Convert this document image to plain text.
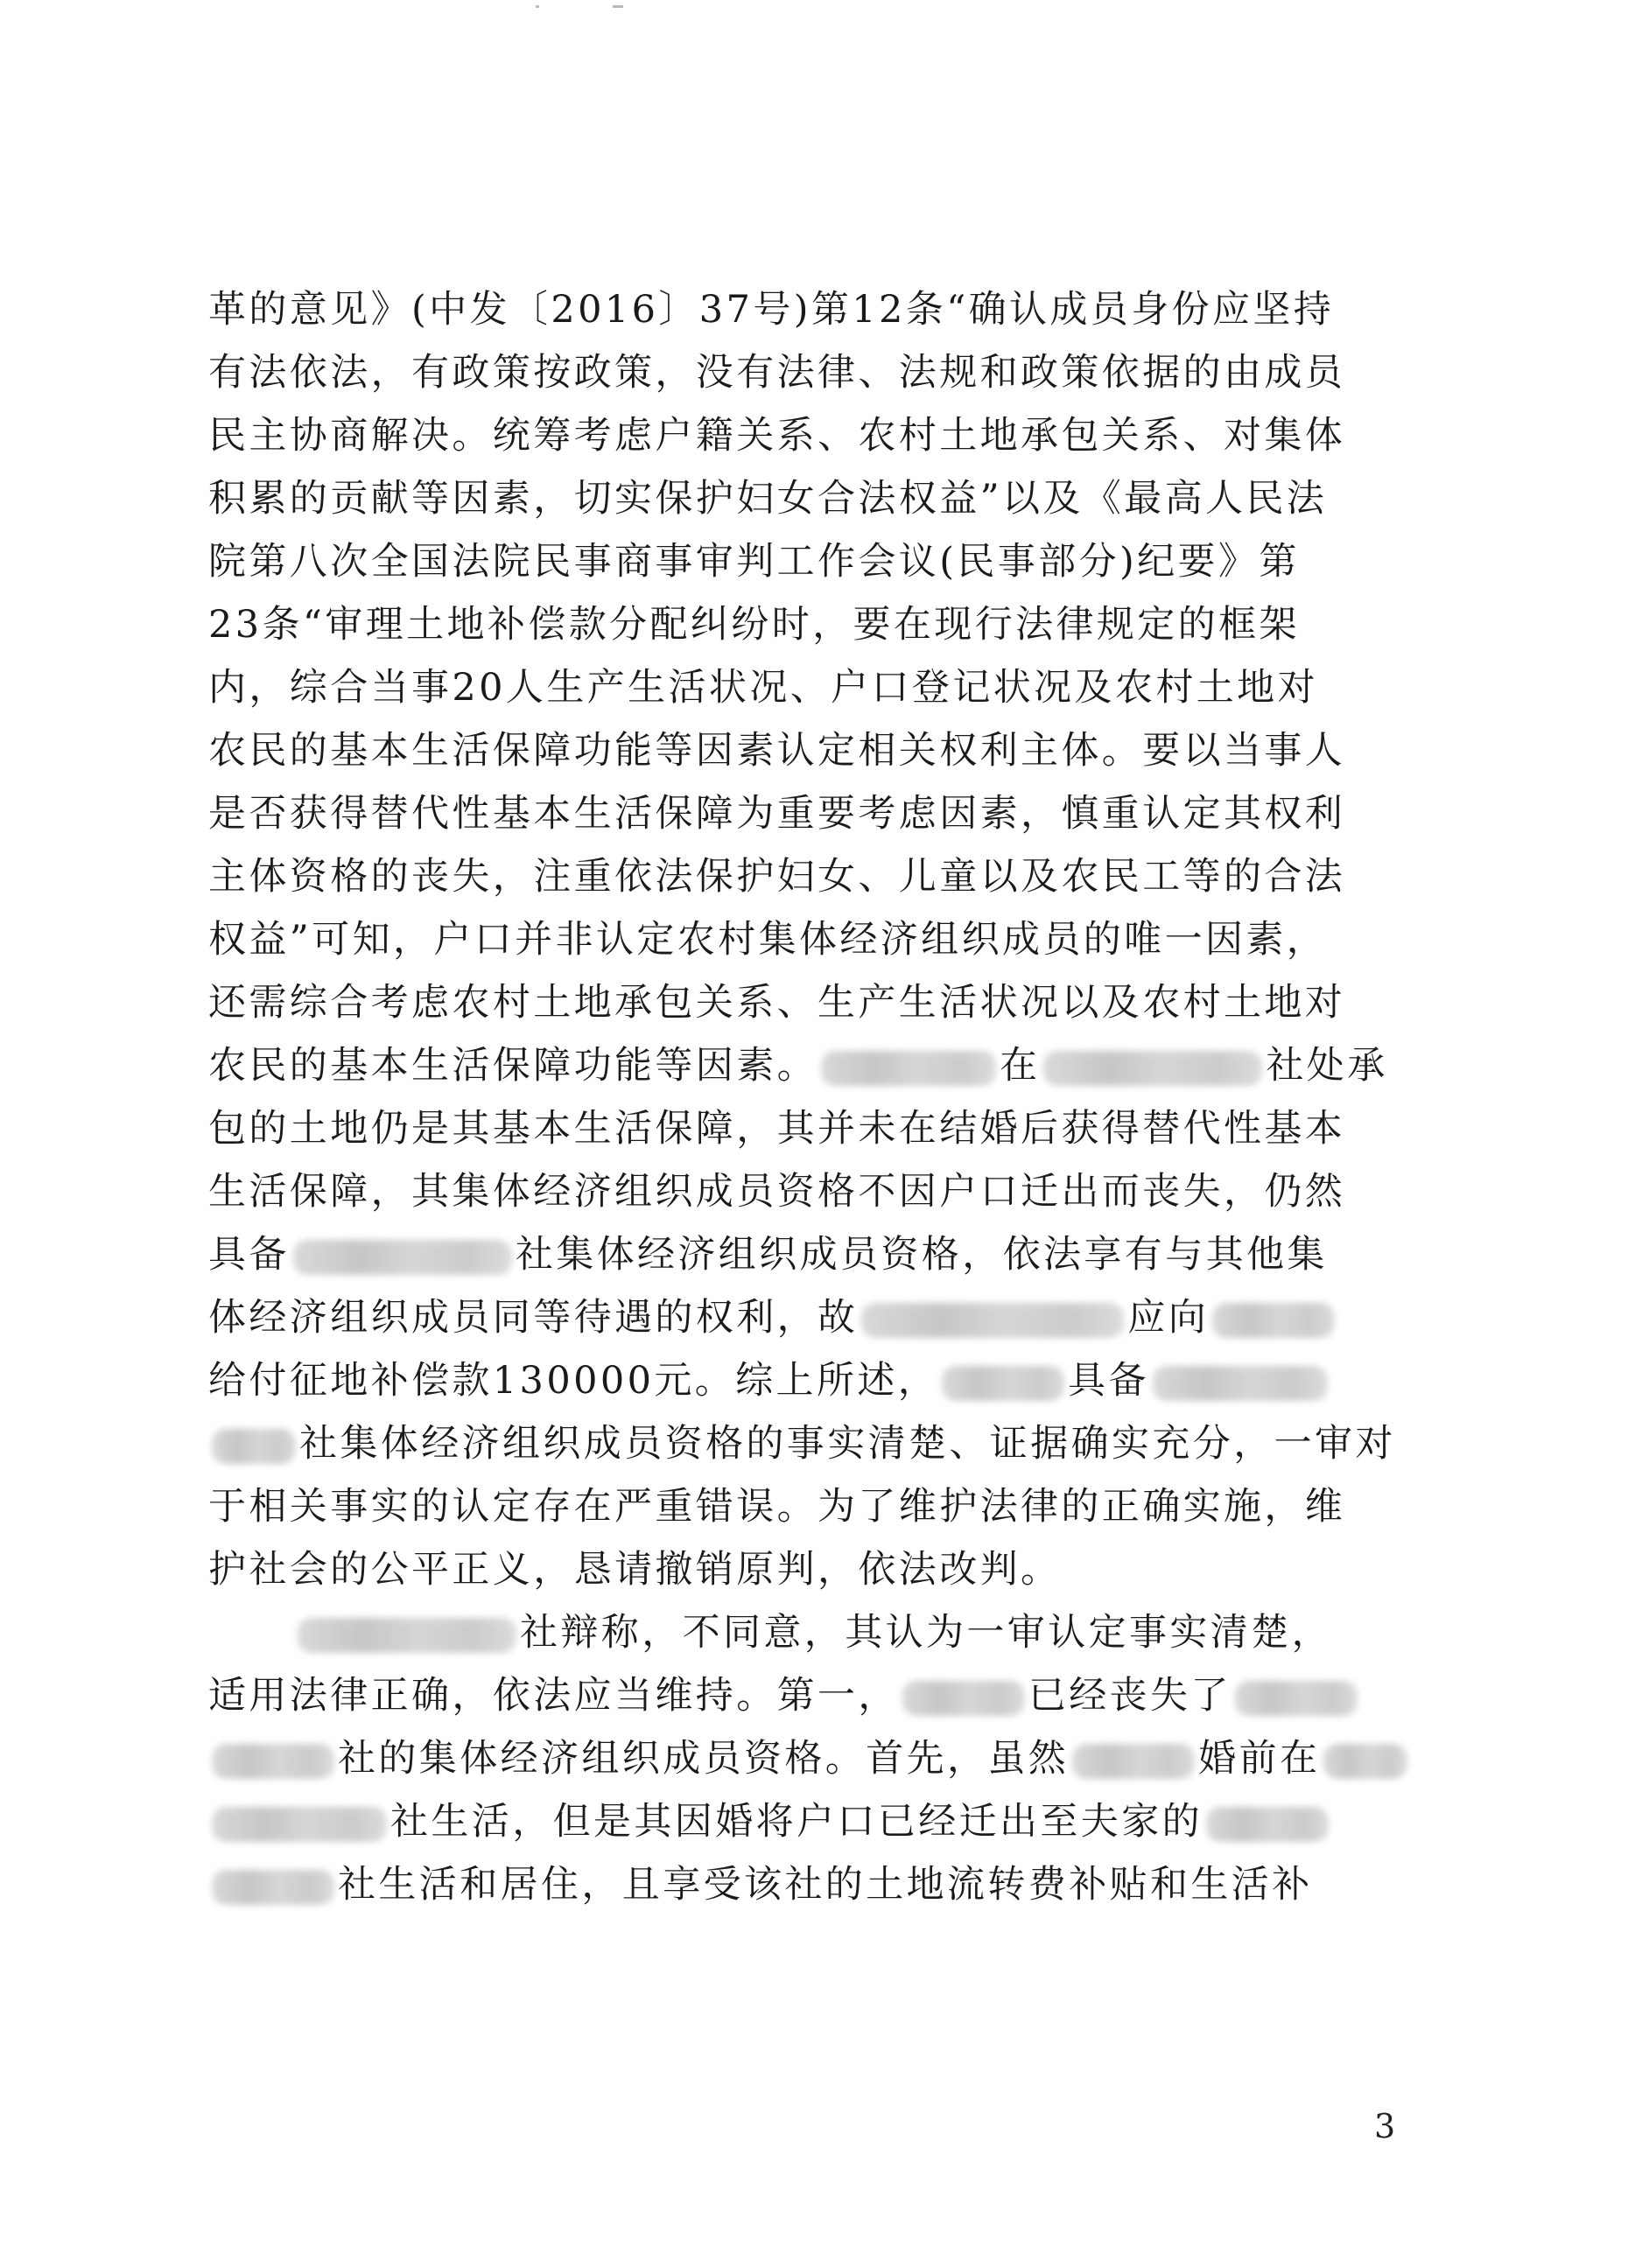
革的意见》(中发〔2016〕37号)第12条“确认成员身份应坚持
有法依法，有政策按政策，没有法律、法规和政策依据的由成员
民主协商解决。统筹考虑户籍关系、农村土地承包关系、对集体
积累的贡献等因素，切实保护妇女合法权益”以及《最高人民法
院第八次全国法院民事商事审判工作会议(民事部分)纪要》第
23条“审理土地补偿款分配纠纷时，要在现行法律规定的框架
内，综合当事20人生产生活状况、户口登记状况及农村土地对
农民的基本生活保障功能等因素认定相关权利主体。要以当事人
是否获得替代性基本生活保障为重要考虑因素，慎重认定其权利
主体资格的丧失，注重依法保护妇女、儿童以及农民工等的合法
权益”可知，户口并非认定农村集体经济组织成员的唯一因素，
还需综合考虑农村土地承包关系、生产生活状况以及农村土地对
农民的基本生活保障功能等因素。	在	社处承
包的土地仍是其基本生活保障，其并未在结婚后获得替代性基本
生活保障，其集体经济组织成员资格不因户口迁出而丧失，仍然
具备	社集体经济组织成员资格，依法享有与其他集
体经济组织成员同等待遇的权利，故	应向
给付征地补偿款130000元。综上所述，	具备
社集体经济组织成员资格的事实清楚、证据确实充分，一审对
于相关事实的认定存在严重错误。为了维护法律的正确实施，维
护社会的公平正义，恳请撤销原判，依法改判。
社辩称，不同意，其认为一审认定事实清楚，
适用法律正确，依法应当维持。第一，	已经丧失了
社的集体经济组织成员资格。首先，虽然	婚前在
社生活，但是其因婚将户口已经迁出至夫家的
社生活和居住，且享受该社的土地流转费补贴和生活补
3
